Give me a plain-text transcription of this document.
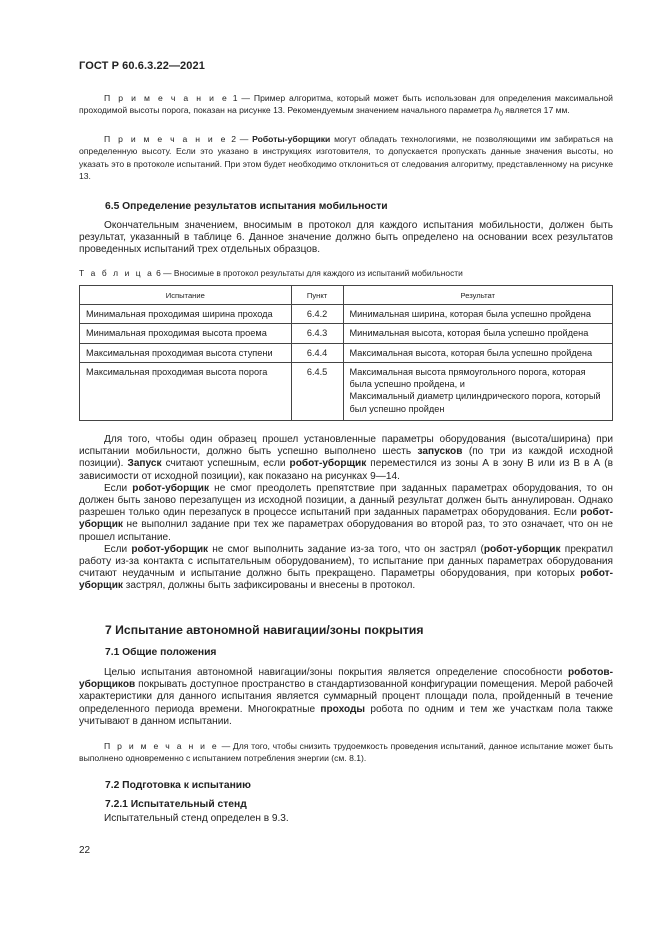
ГОСТ Р 60.6.3.22—2021

П р и м е ч а н и е 1 — Пример алгоритма, который может быть использован для определения максимальной проходимой высоты порога, показан на рисунке 13. Рекомендуемым значением начального параметра $h_0$ является 17 мм.

П р и м е ч а н и е 2 — Роботы-уборщики могут обладать технологиями, не позволяющими им забираться на определенную высоту. Если это указано в инструкциях изготовителя, то допускается пропускать данные значения высоты, но указать это в протоколе испытаний. При этом будет необходимо отклониться от следования алгоритму, представленному на рисунке 13.

6.5 Определение результатов испытания мобильности

Окончательным значением, вносимым в протокол для каждого испытания мобильности, должен быть результат, указанный в таблице 6. Данное значение должно быть определено на основании всех результатов проведенных испытаний трех отдельных образцов.

Т а б л и ц а 6 — Вносимые в протокол результаты для каждого из испытаний мобильности

Испытание	Пункт	Результат
Минимальная проходимая ширина прохода	6.4.2	Минимальная ширина, которая была успешно пройдена
Минимальная проходимая высота проема	6.4.3	Минимальная высота, которая была успешно пройдена
Максимальная проходимая высота ступени	6.4.4	Максимальная высота, которая была успешно пройдена
Максимальная проходимая высота порога	6.4.5	Максимальная высота прямоугольного порога, которая была успешно пройдена, и
Максимальный диаметр цилиндрического порога, который был успешно пройден

Для того, чтобы один образец прошел установленные параметры оборудования (высота/ширина) при испытании мобильности, должно быть успешно выполнено шесть запусков (по три из каждой исходной позиции). Запуск считают успешным, если робот-уборщик переместился из зоны А в зону В или из В в А (в зависимости от исходной позиции), как показано на рисунках 9—14.

Если робот-уборщик не смог преодолеть препятствие при заданных параметрах оборудования, то он должен быть заново перезапущен из исходной позиции, а данный результат должен быть аннулирован. Однако разрешен только один перезапуск в процессе испытаний при заданных параметрах оборудования. Если робот-уборщик не выполнил задание при тех же параметрах оборудования во второй раз, то это означает, что он не прошел испытание.

Если робот-уборщик не смог выполнить задание из-за того, что он застрял (робот-уборщик прекратил работу из-за контакта с испытательным оборудованием), то испытание при данных параметрах оборудования считают неудачным и испытание должно быть прекращено. Параметры оборудования, при которых робот-уборщик застрял, должны быть зафиксированы и внесены в протокол.

7 Испытание автономной навигации/зоны покрытия

7.1 Общие положения

Целью испытания автономной навигации/зоны покрытия является определение способности роботов-уборщиков покрывать доступное пространство в стандартизованной конфигурации помещения. Мерой рабочей характеристики для данного испытания является суммарный процент площади пола, пройденный в течение определенного периода времени. Многократные проходы робота по одним и тем же участкам пола также учитывают в данном испытании.

П р и м е ч а н и е — Для того, чтобы снизить трудоемкость проведения испытаний, данное испытание может быть выполнено одновременно с испытанием потребления энергии (см. 8.1).

7.2 Подготовка к испытанию

7.2.1 Испытательный стенд

Испытательный стенд определен в 9.3.

22
